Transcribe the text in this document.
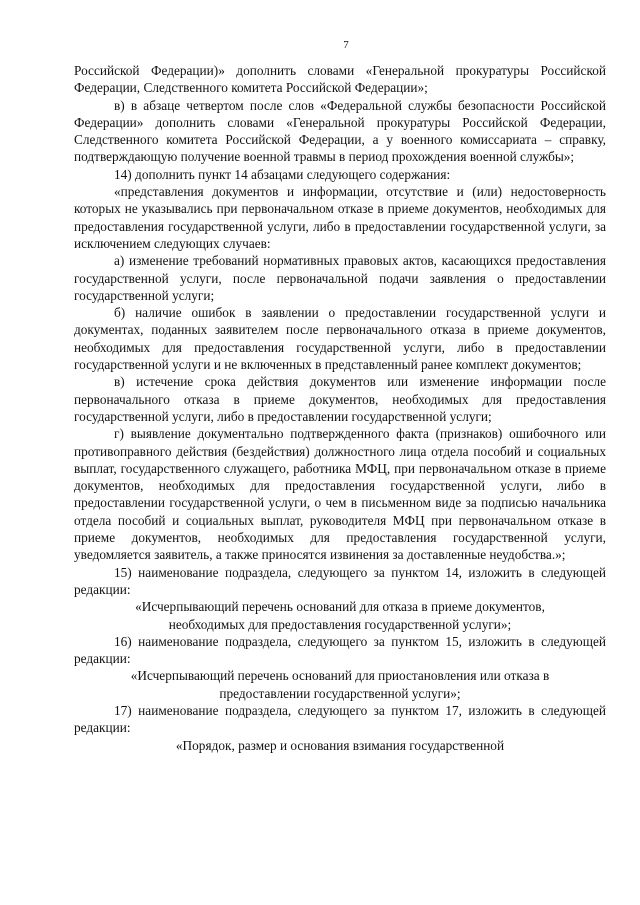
7

Российской Федерации)» дополнить словами «Генеральной прокуратуры Российской Федерации, Следственного комитета Российской Федерации»;

в) в абзаце четвертом после слов «Федеральной службы безопасности Российской Федерации» дополнить словами «Генеральной прокуратуры Российской Федерации, Следственного комитета Российской Федерации, а у военного комиссариата – справку, подтверждающую получение военной травмы в период прохождения военной службы»;

14) дополнить пункт 14 абзацами следующего содержания:

«представления документов и информации, отсутствие и (или) недостоверность которых не указывались при первоначальном отказе в приеме документов, необходимых для предоставления государственной услуги, либо в предоставлении государственной услуги, за исключением следующих случаев:

а) изменение требований нормативных правовых актов, касающихся предоставления государственной услуги, после первоначальной подачи заявления о предоставлении государственной услуги;

б) наличие ошибок в заявлении о предоставлении государственной услуги и документах, поданных заявителем после первоначального отказа в приеме документов, необходимых для предоставления государственной услуги, либо в предоставлении государственной услуги и не включенных в представленный ранее комплект документов;

в) истечение срока действия документов или изменение информации после первоначального отказа в приеме документов, необходимых для предоставления государственной услуги, либо в предоставлении государственной услуги;

г) выявление документально подтвержденного факта (признаков) ошибочного или противоправного действия (бездействия) должностного лица отдела пособий и социальных выплат, государственного служащего, работника МФЦ, при первоначальном отказе в приеме документов, необходимых для предоставления государственной услуги, либо в предоставлении государственной услуги, о чем в письменном виде за подписью начальника отдела пособий и социальных выплат, руководителя МФЦ при первоначальном отказе в приеме документов, необходимых для предоставления государственной услуги, уведомляется заявитель, а также приносятся извинения за доставленные неудобства.»;

15) наименование подраздела, следующего за пунктом 14, изложить в следующей редакции:

«Исчерпывающий перечень оснований для отказа в приеме документов, необходимых для предоставления государственной услуги»;

16) наименование подраздела, следующего за пунктом 15, изложить в следующей редакции:

«Исчерпывающий перечень оснований для приостановления или отказа в предоставлении государственной услуги»;

17) наименование подраздела, следующего за пунктом 17, изложить в следующей редакции:

«Порядок, размер и основания взимания государственной
